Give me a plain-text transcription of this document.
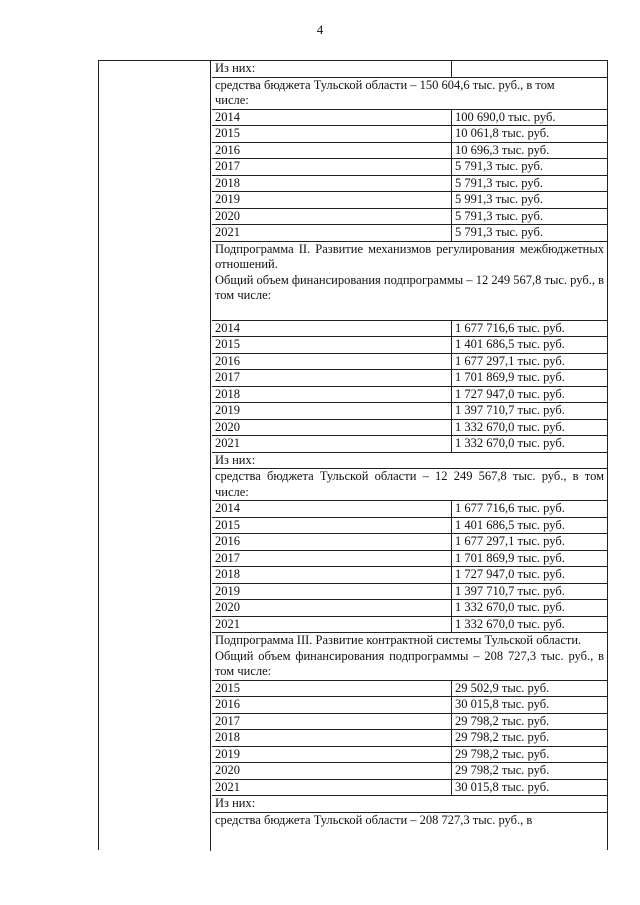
4
Из них:
средства бюджета Тульской области – 150 604,6 тыс. руб., в том
числе:
2014	100 690,0 тыс. руб.
2015	10 061,8 тыс. руб.
2016	10 696,3 тыс. руб.
2017	5 791,3 тыс. руб.
2018	5 791,3 тыс. руб.
2019	5 991,3 тыс. руб.
2020	5 791,3 тыс. руб.
2021	5 791,3 тыс. руб.
Подпрограмма II. Развитие механизмов регулирования межбюджетных отношений.
Общий объем финансирования подпрограммы – 12 249 567,8 тыс. руб., в том числе:
2014	1 677 716,6 тыс. руб.
2015	1 401 686,5 тыс. руб.
2016	1 677 297,1 тыс. руб.
2017	1 701 869,9 тыс. руб.
2018	1 727 947,0 тыс. руб.
2019	1 397 710,7 тыс. руб.
2020	1 332 670,0 тыс. руб.
2021	1 332 670,0 тыс. руб.
Из них:
средства бюджета Тульской области – 12 249 567,8 тыс. руб., в том числе:
2014	1 677 716,6 тыс. руб.
2015	1 401 686,5 тыс. руб.
2016	1 677 297,1 тыс. руб.
2017	1 701 869,9 тыс. руб.
2018	1 727 947,0 тыс. руб.
2019	1 397 710,7 тыс. руб.
2020	1 332 670,0 тыс. руб.
2021	1 332 670,0 тыс. руб.
Подпрограмма III. Развитие контрактной системы Тульской области.
Общий объем финансирования подпрограммы – 208 727,3 тыс. руб., в том числе:
2015	29 502,9 тыс. руб.
2016	30 015,8 тыс. руб.
2017	29 798,2 тыс. руб.
2018	29 798,2 тыс. руб.
2019	29 798,2 тыс. руб.
2020	29 798,2 тыс. руб.
2021	30 015,8 тыс. руб.
Из них:
средства бюджета Тульской области – 208 727,3 тыс. руб., в
